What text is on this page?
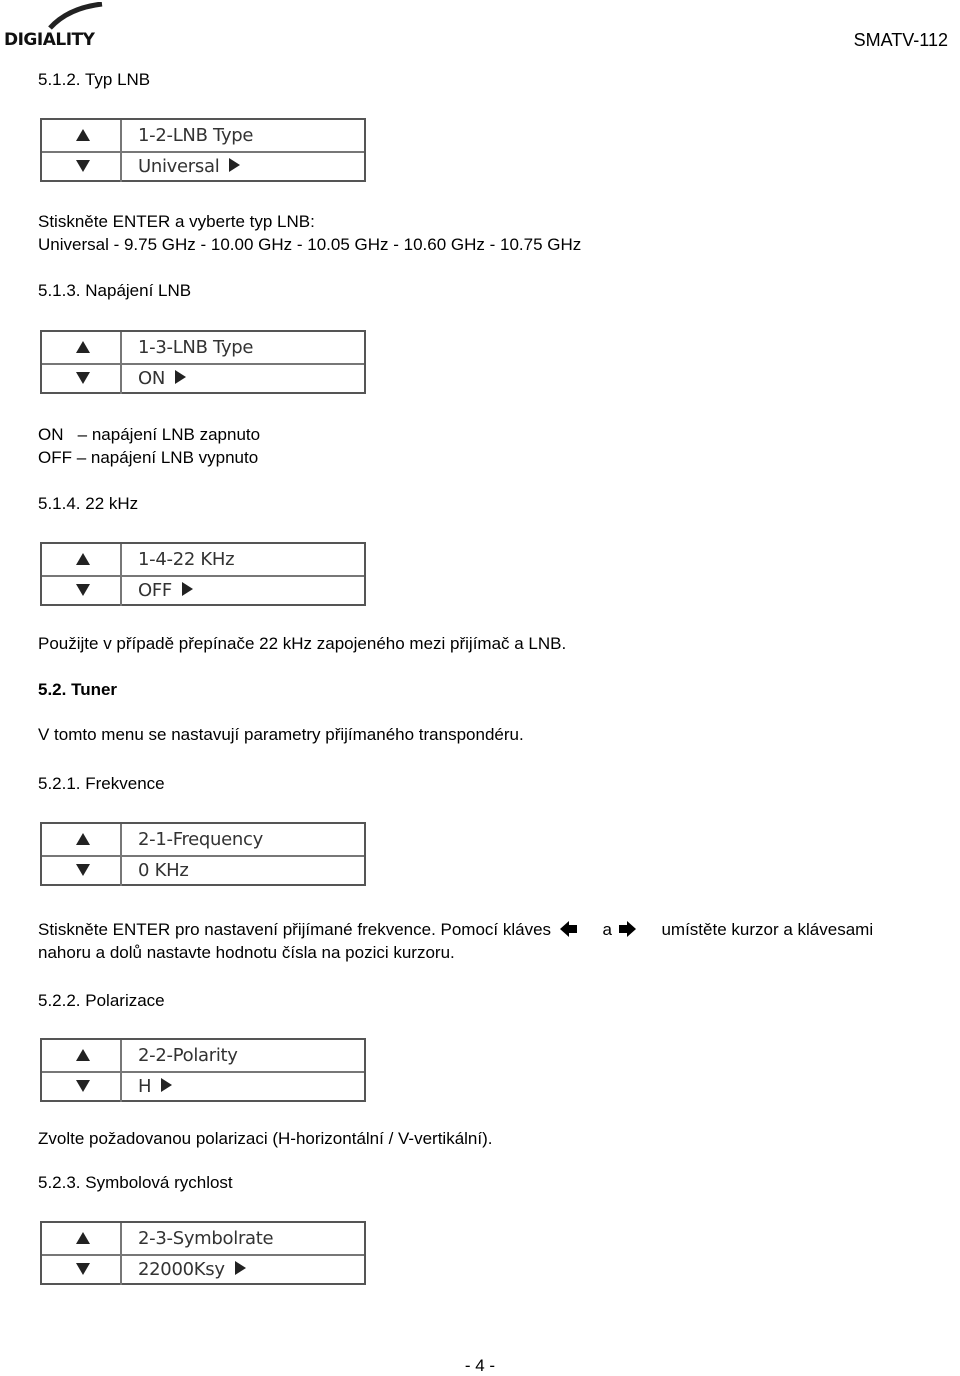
DIGIALITY	SMATV-112
5.1.2. Typ LNB
1-2-LNB Type
Universal
Stiskněte ENTER a vyberte typ LNB:
Universal - 9.75 GHz - 10.00 GHz - 10.05 GHz - 10.60 GHz - 10.75 GHz
5.1.3. Napájení LNB
1-3-LNB Type
ON
ON   – napájení LNB zapnuto
OFF – napájení LNB vypnuto
5.1.4. 22 kHz
1-4-22 KHz
OFF
Použijte v případě přepínače 22 kHz zapojeného mezi přijímač a LNB.
5.2. Tuner
V tomto menu se nastavují parametry přijímaného transpondéru.
5.2.1. Frekvence
2-1-Frequency
0 KHz
Stiskněte ENTER pro nastavení přijímané frekvence. Pomocí kláves	a	umístěte kurzor a klávesami
nahoru a dolů nastavte hodnotu čísla na pozici kurzoru.
5.2.2. Polarizace
2-2-Polarity
H
Zvolte požadovanou polarizaci (H-horizontální / V-vertikální).
5.2.3. Symbolová rychlost
2-3-Symbolrate
22000Ksy
- 4 -
